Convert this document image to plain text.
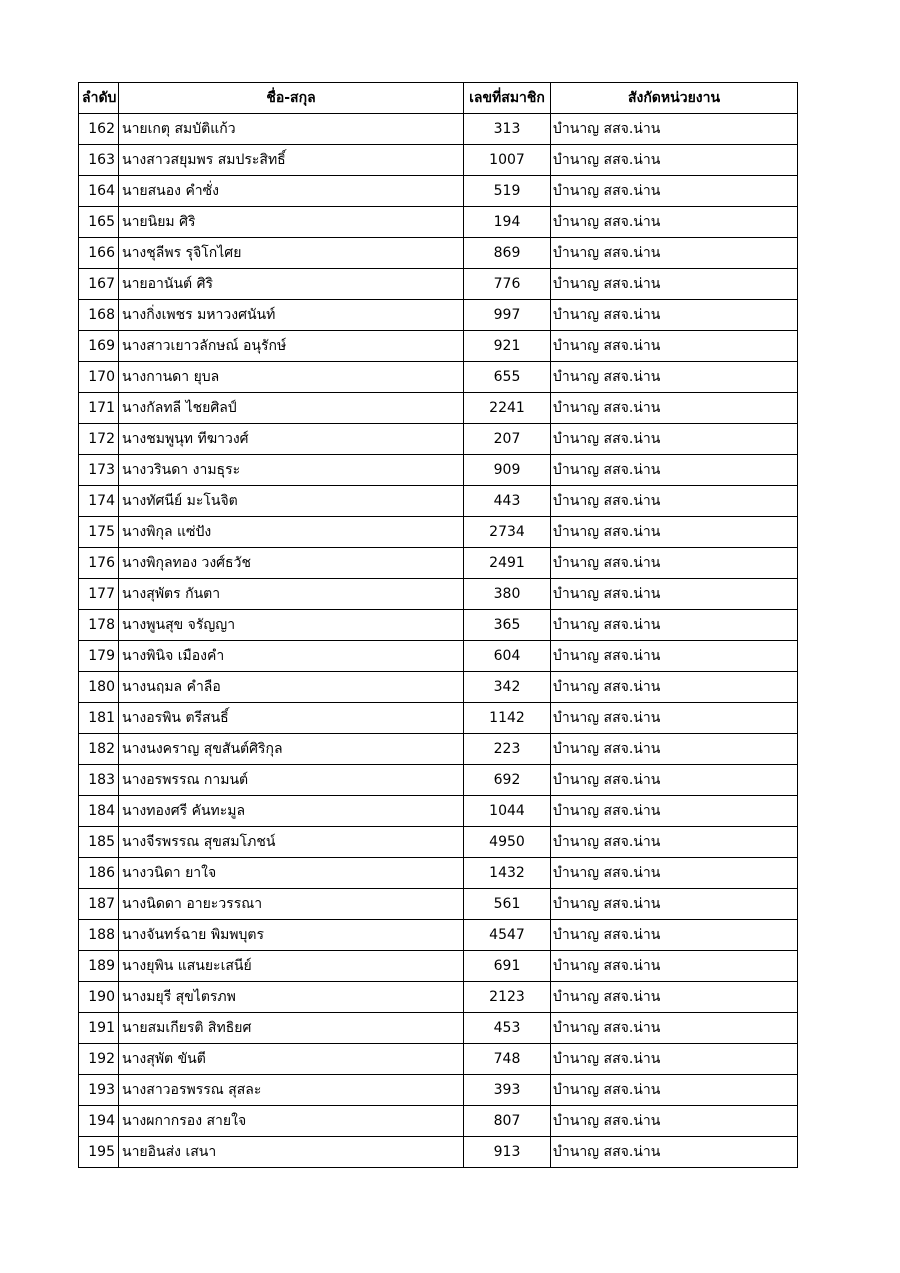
ลำดับ	ชื่อ-สกุล	เลขที่สมาชิก	สังกัดหน่วยงาน
162	นายเกตุ สมบัติแก้ว	313	บำนาญ สสจ.น่าน
163	นางสาวสยุมพร สมประสิทธิ์	1007	บำนาญ สสจ.น่าน
164	นายสนอง คำซั่ง	519	บำนาญ สสจ.น่าน
165	นายนิยม ศิริ	194	บำนาญ สสจ.น่าน
166	นางชุลีพร รุจิโกไศย	869	บำนาญ สสจ.น่าน
167	นายอานันต์ ศิริ	776	บำนาญ สสจ.น่าน
168	นางกิ่งเพชร มหาวงศนันท์	997	บำนาญ สสจ.น่าน
169	นางสาวเยาวลักษณ์ อนุรักษ์	921	บำนาญ สสจ.น่าน
170	นางกานดา ยุบล	655	บำนาญ สสจ.น่าน
171	นางกัลทลี ไชยศิลป์	2241	บำนาญ สสจ.น่าน
172	นางชมพูนุท ทีฆาวงศ์	207	บำนาญ สสจ.น่าน
173	นางวรินดา งามธุระ	909	บำนาญ สสจ.น่าน
174	นางทัศนีย์ มะโนจิต	443	บำนาญ สสจ.น่าน
175	นางพิกุล แซ่ปัง	2734	บำนาญ สสจ.น่าน
176	นางพิกุลทอง วงศ์ธวัช	2491	บำนาญ สสจ.น่าน
177	นางสุพัตร กันตา	380	บำนาญ สสจ.น่าน
178	นางพูนสุข จรัญญา	365	บำนาญ สสจ.น่าน
179	นางพินิจ เมืองคำ	604	บำนาญ สสจ.น่าน
180	นางนฤมล คำลือ	342	บำนาญ สสจ.น่าน
181	นางอรพิน ตรีสนธิ์	1142	บำนาญ สสจ.น่าน
182	นางนงคราญ สุขสันต์ศิริกุล	223	บำนาญ สสจ.น่าน
183	นางอรพรรณ กามนต์	692	บำนาญ สสจ.น่าน
184	นางทองศรี คันทะมูล	1044	บำนาญ สสจ.น่าน
185	นางจีรพรรณ สุขสมโภชน์	4950	บำนาญ สสจ.น่าน
186	นางวนิดา ยาใจ	1432	บำนาญ สสจ.น่าน
187	นางนิดดา อายะวรรณา	561	บำนาญ สสจ.น่าน
188	นางจันทร์ฉาย พิมพบุตร	4547	บำนาญ สสจ.น่าน
189	นางยุพิน แสนยะเสนีย์	691	บำนาญ สสจ.น่าน
190	นางมยุรี สุขไตรภพ	2123	บำนาญ สสจ.น่าน
191	นายสมเกียรติ สิทธิยศ	453	บำนาญ สสจ.น่าน
192	นางสุพัต ขันตี	748	บำนาญ สสจ.น่าน
193	นางสาวอรพรรณ สุสละ	393	บำนาญ สสจ.น่าน
194	นางผกากรอง สายใจ	807	บำนาญ สสจ.น่าน
195	นายอินส่ง เสนา	913	บำนาญ สสจ.น่าน
